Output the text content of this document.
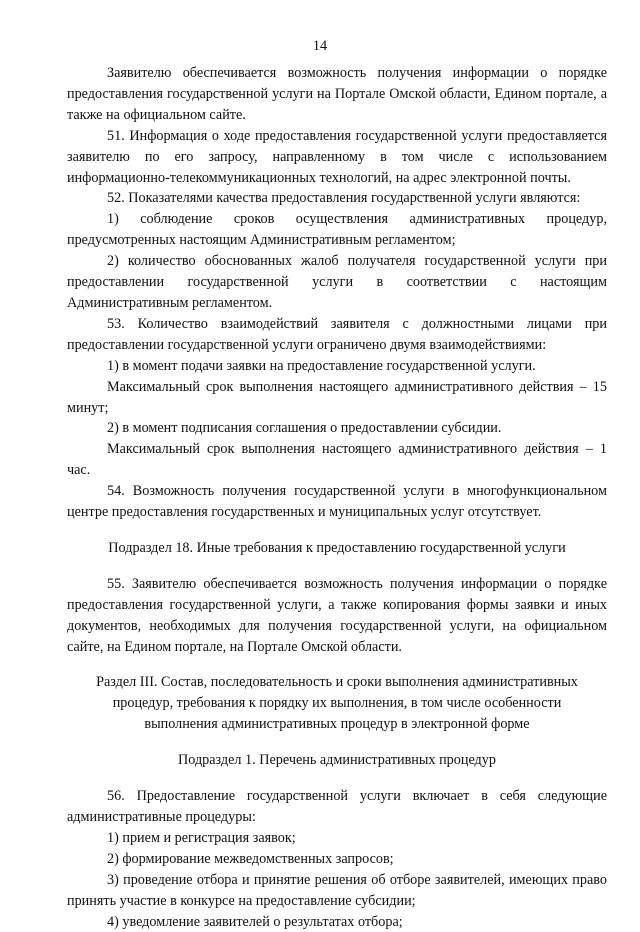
14

Заявителю обеспечивается возможность получения информации о порядке предоставления государственной услуги на Портале Омской области, Едином портале, а также на официальном сайте.

51. Информация о ходе предоставления государственной услуги предоставляется заявителю по его запросу, направленному в том числе с использованием информационно-телекоммуникационных технологий, на адрес электронной почты.

52. Показателями качества предоставления государственной услуги являются:

1) соблюдение сроков осуществления административных процедур, предусмотренных настоящим Административным регламентом;

2) количество обоснованных жалоб получателя государственной услуги при предоставлении государственной услуги в соответствии с настоящим Административным регламентом.

53. Количество взаимодействий заявителя с должностными лицами при предоставлении государственной услуги ограничено двумя взаимодействиями:

1) в момент подачи заявки на предоставление государственной услуги.

Максимальный срок выполнения настоящего административного действия – 15 минут;

2) в момент подписания соглашения о предоставлении субсидии.

Максимальный срок выполнения настоящего административного действия – 1 час.

54. Возможность получения государственной услуги в многофункциональном центре предоставления государственных и муниципальных услуг отсутствует.

Подраздел 18. Иные требования к предоставлению государственной услуги

55. Заявителю обеспечивается возможность получения информации о порядке предоставления государственной услуги, а также копирования формы заявки и иных документов, необходимых для получения государственной услуги, на официальном сайте, на Едином портале, на Портале Омской области.

Раздел III. Состав, последовательность и сроки выполнения административных процедур, требования к порядку их выполнения, в том числе особенности выполнения административных процедур в электронной форме

Подраздел 1. Перечень административных процедур

56. Предоставление государственной услуги включает в себя следующие административные процедуры:

1) прием и регистрация заявок;

2) формирование межведомственных запросов;

3) проведение отбора и принятие решения об отборе заявителей, имеющих право принять участие в конкурсе на предоставление субсидии;

4) уведомление заявителей о результатах отбора;
